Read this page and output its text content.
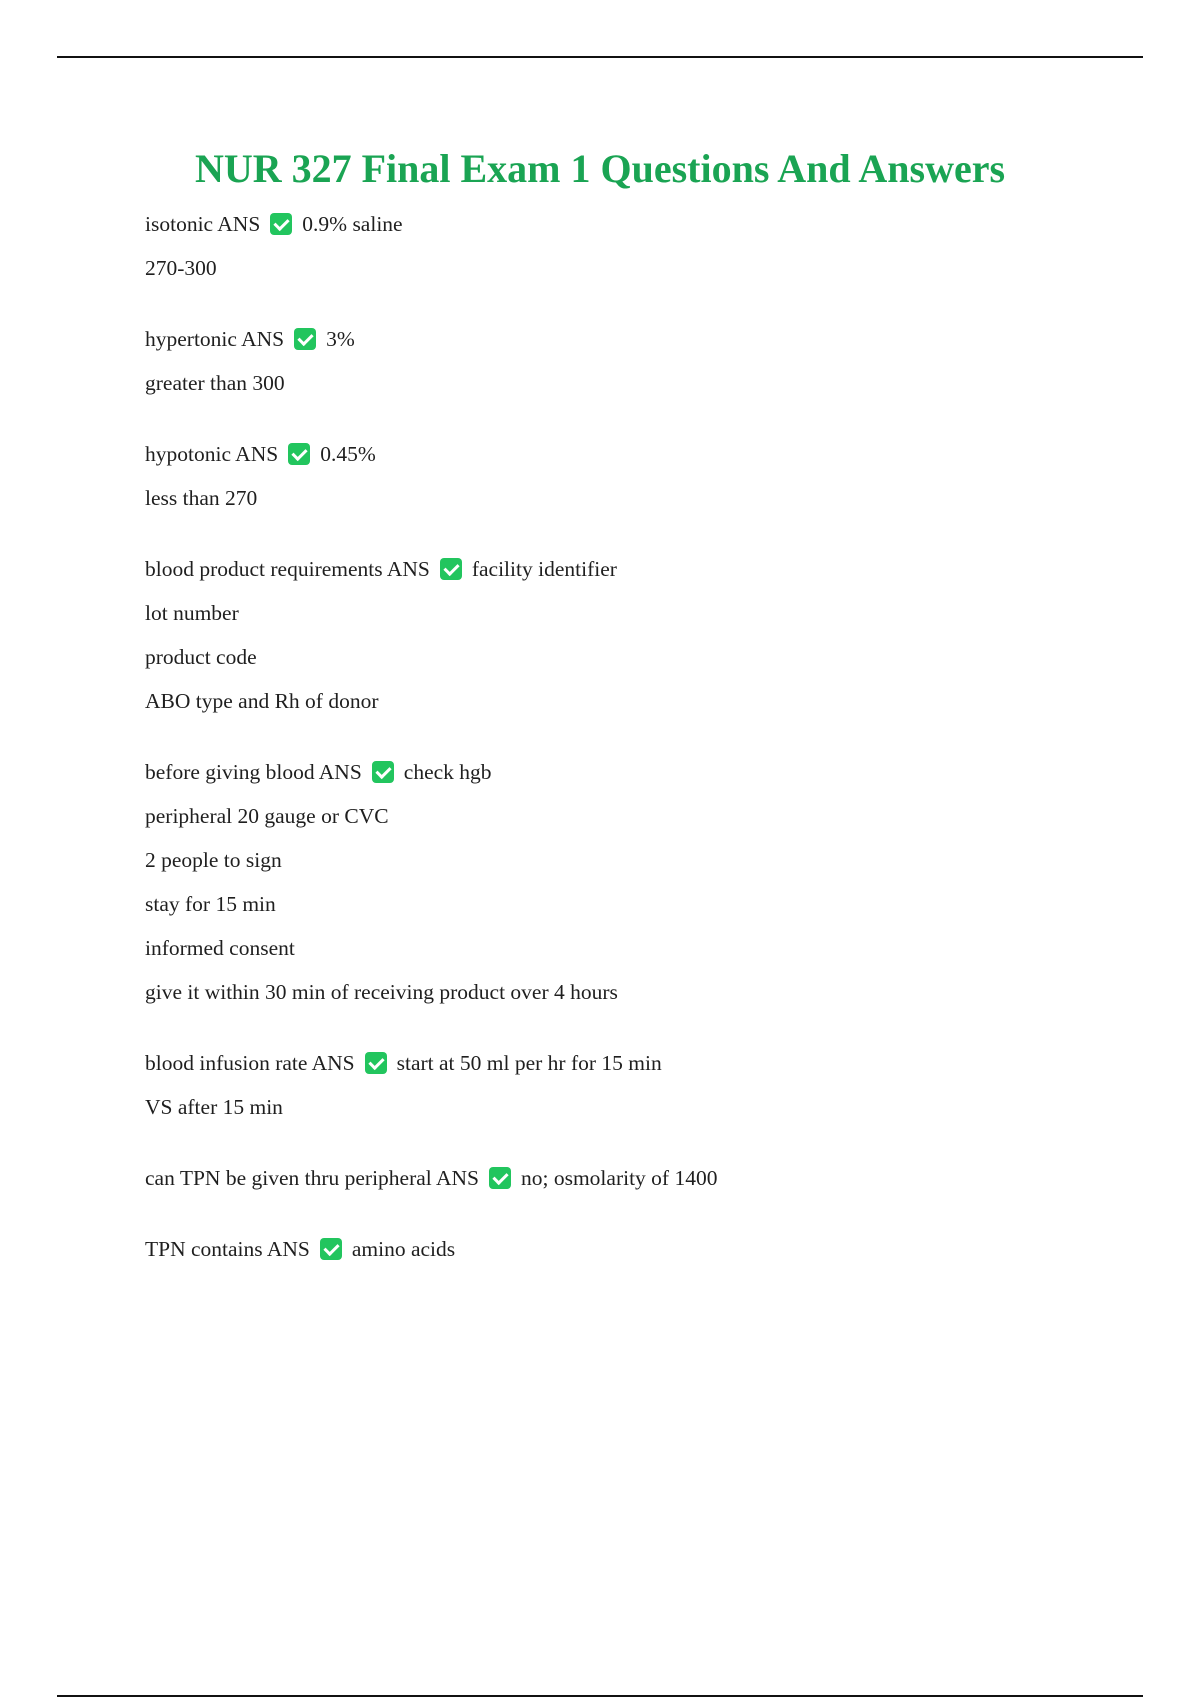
NUR 327 Final Exam 1 Questions And Answers
isotonic ANS 0.9% saline
270-300
hypertonic ANS 3%
greater than 300
hypotonic ANS 0.45%
less than 270
blood product requirements ANS facility identifier
lot number
product code
ABO type and Rh of donor
before giving blood ANS check hgb
peripheral 20 gauge or CVC
2 people to sign
stay for 15 min
informed consent
give it within 30 min of receiving product over 4 hours
blood infusion rate ANS start at 50 ml per hr for 15 min
VS after 15 min
can TPN be given thru peripheral ANS no; osmolarity of 1400
TPN contains ANS amino acids
